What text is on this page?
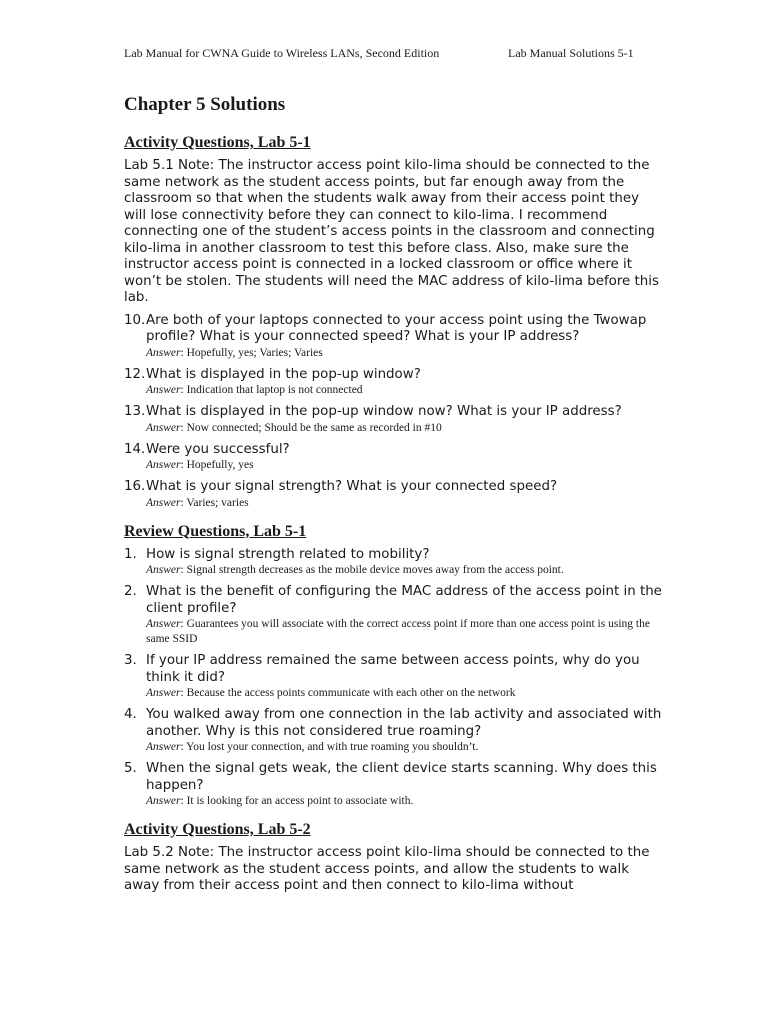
Lab Manual for CWNA Guide to Wireless LANs, Second Edition	Lab Manual Solutions 5-1
Chapter 5 Solutions
Activity Questions, Lab 5-1

Lab 5.1 Note: The instructor access point kilo-lima should be connected to the same network as the student access points, but far enough away from the classroom so that when the students walk away from their access point they will lose connectivity before they can connect to kilo-lima. I recommend connecting one of the student’s access points in the classroom and connecting kilo-lima in another classroom to test this before class. Also, make sure the instructor access point is connected in a locked classroom or office where it won’t be stolen. The students will need the MAC address of kilo-lima before this lab.

10. Are both of your laptops connected to your access point using the Twowap profile? What is your connected speed? What is your IP address?
Answer: Hopefully, yes; Varies; Varies
12. What is displayed in the pop-up window?
Answer: Indication that laptop is not connected
13. What is displayed in the pop-up window now? What is your IP address?
Answer: Now connected; Should be the same as recorded in #10
14. Were you successful?
Answer: Hopefully, yes
16. What is your signal strength? What is your connected speed?
Answer: Varies; varies
Review Questions, Lab 5-1
1. How is signal strength related to mobility?
Answer: Signal strength decreases as the mobile device moves away from the access point.
2. What is the benefit of configuring the MAC address of the access point in the client profile?
Answer: Guarantees you will associate with the correct access point if more than one access point is using the same SSID
3. If your IP address remained the same between access points, why do you think it did?
Answer: Because the access points communicate with each other on the network
4. You walked away from one connection in the lab activity and associated with another. Why is this not considered true roaming?
Answer: You lost your connection, and with true roaming you shouldn’t.
5. When the signal gets weak, the client device starts scanning. Why does this happen?
Answer: It is looking for an access point to associate with.
Activity Questions, Lab 5-2

Lab 5.2 Note: The instructor access point kilo-lima should be connected to the same network as the student access points, and allow the students to walk away from their access point and then connect to kilo-lima without
